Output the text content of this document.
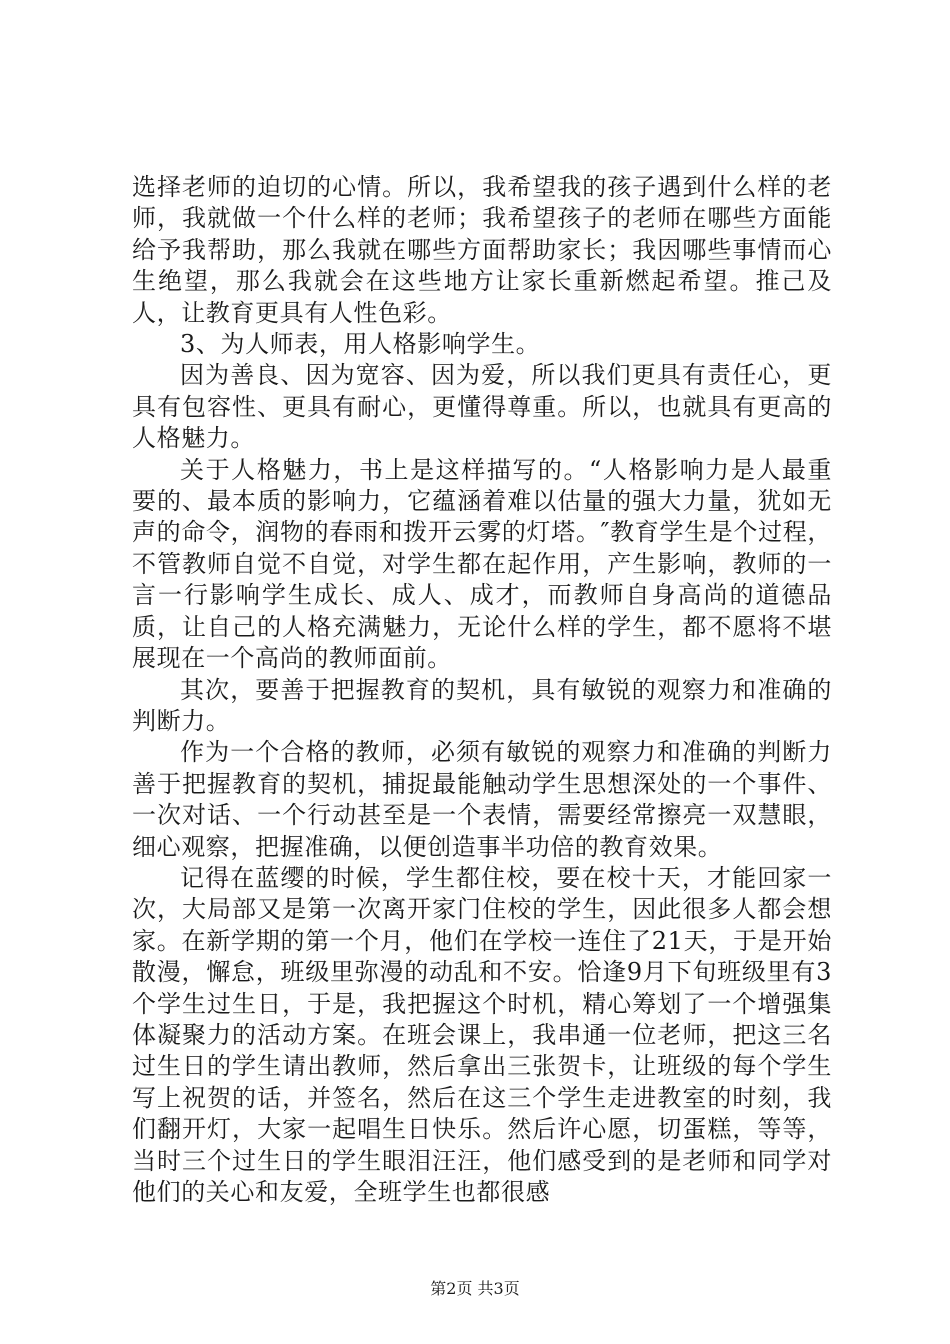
选择老师的迫切的心情。所以，我希望我的孩子遇到什么样的老师，我就做一个什么样的老师；我希望孩子的老师在哪些方面能给予我帮助，那么我就在哪些方面帮助家长；我因哪些事情而心生绝望，那么我就会在这些地方让家长重新燃起希望。推己及人，让教育更具有人性色彩。

3、为人师表，用人格影响学生。

因为善良、因为宽容、因为爱，所以我们更具有责任心，更具有包容性、更具有耐心，更懂得尊重。所以，也就具有更高的人格魅力。

关于人格魅力，书上是这样描写的。“人格影响力是人最重要的、最本质的影响力，它蕴涵着难以估量的强大力量，犹如无声的命令，润物的春雨和拨开云雾的灯塔。″教育学生是个过程，不管教师自觉不自觉，对学生都在起作用，产生影响，教师的一言一行影响学生成长、成人、成才，而教师自身高尚的道德品质，让自己的人格充满魅力，无论什么样的学生，都不愿将不堪展现在一个高尚的教师面前。

其次，要善于把握教育的契机，具有敏锐的观察力和准确的判断力。

作为一个合格的教师，必须有敏锐的观察力和准确的判断力善于把握教育的契机，捕捉最能触动学生思想深处的一个事件、一次对话、一个行动甚至是一个表情，需要经常擦亮一双慧眼，细心观察，把握准确，以便创造事半功倍的教育效果。

记得在蓝缨的时候，学生都住校，要在校十天，才能回家一次，大局部又是第一次离开家门住校的学生，因此很多人都会想家。在新学期的第一个月，他们在学校一连住了21天，于是开始散漫，懈怠，班级里弥漫的动乱和不安。恰逢9月下旬班级里有3个学生过生日，于是，我把握这个时机，精心筹划了一个增强集体凝聚力的活动方案。在班会课上，我串通一位老师，把这三名过生日的学生请出教师，然后拿出三张贺卡，让班级的每个学生写上祝贺的话，并签名，然后在这三个学生走进教室的时刻，我们翻开灯，大家一起唱生日快乐。然后许心愿，切蛋糕，等等，当时三个过生日的学生眼泪汪汪，他们感受到的是老师和同学对他们的关心和友爱，全班学生也都很感

第2页 共3页
